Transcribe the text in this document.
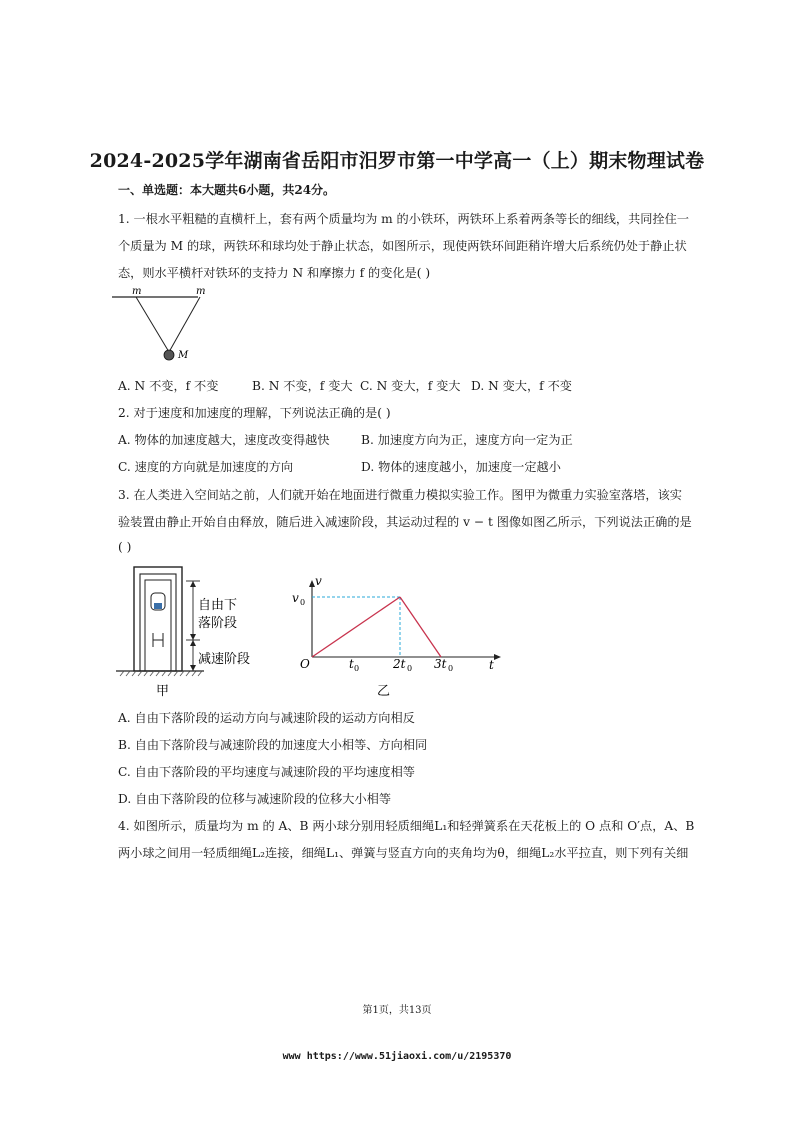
2024-2025学年湖南省岳阳市汨罗市第一中学高一（上）期末物理试卷
一、单选题：本大题共6小题，共24分。
1. 一根水平粗糙的直横杆上，套有两个质量均为 m 的小铁环，两铁环上系着两条等长的细线，共同拴住一
个质量为 M 的球，两铁环和球均处于静止状态，如图所示，现使两铁环间距稍许增大后系统仍处于静止状
态，则水平横杆对铁环的支持力 N 和摩擦力 f 的变化是( )
m	m
M
A. N 不变，f 不变	B. N 不变，f 变大 C. N 变大，f 变大 D. N 变大，f 不变
2. 对于速度和加速度的理解，下列说法正确的是( )
A. 物体的加速度越大，速度改变得越快	B. 加速度方向为正，速度方向一定为正
C. 速度的方向就是加速度的方向	D. 物体的速度越小，加速度一定越小
3. 在人类进入空间站之前，人们就开始在地面进行微重力模拟实验工作。图甲为微重力实验室落塔，该实
验装置由静止开始自由释放，随后进入减速阶段，其运动过程的 v − t 图像如图乙所示，下列说法正确的是
( )
自由下
落阶段
减速阶段
甲
v
v 0
O	t 0	2t 0 3t 0	t
乙
A. 自由下落阶段的运动方向与减速阶段的运动方向相反
B. 自由下落阶段与减速阶段的加速度大小相等、方向相同
C. 自由下落阶段的平均速度与减速阶段的平均速度相等
D. 自由下落阶段的位移与减速阶段的位移大小相等
4. 如图所示，质量均为 m 的 A、B 两小球分别用轻质细绳L₁和轻弹簧系在天花板上的 O 点和 O′点，A、B
两小球之间用一轻质细绳L₂连接，细绳L₁、弹簧与竖直方向的夹角均为θ，细绳L₂水平拉直，则下列有关细
第1页，共13页
www https://www.51jiaoxi.com/u/2195370
